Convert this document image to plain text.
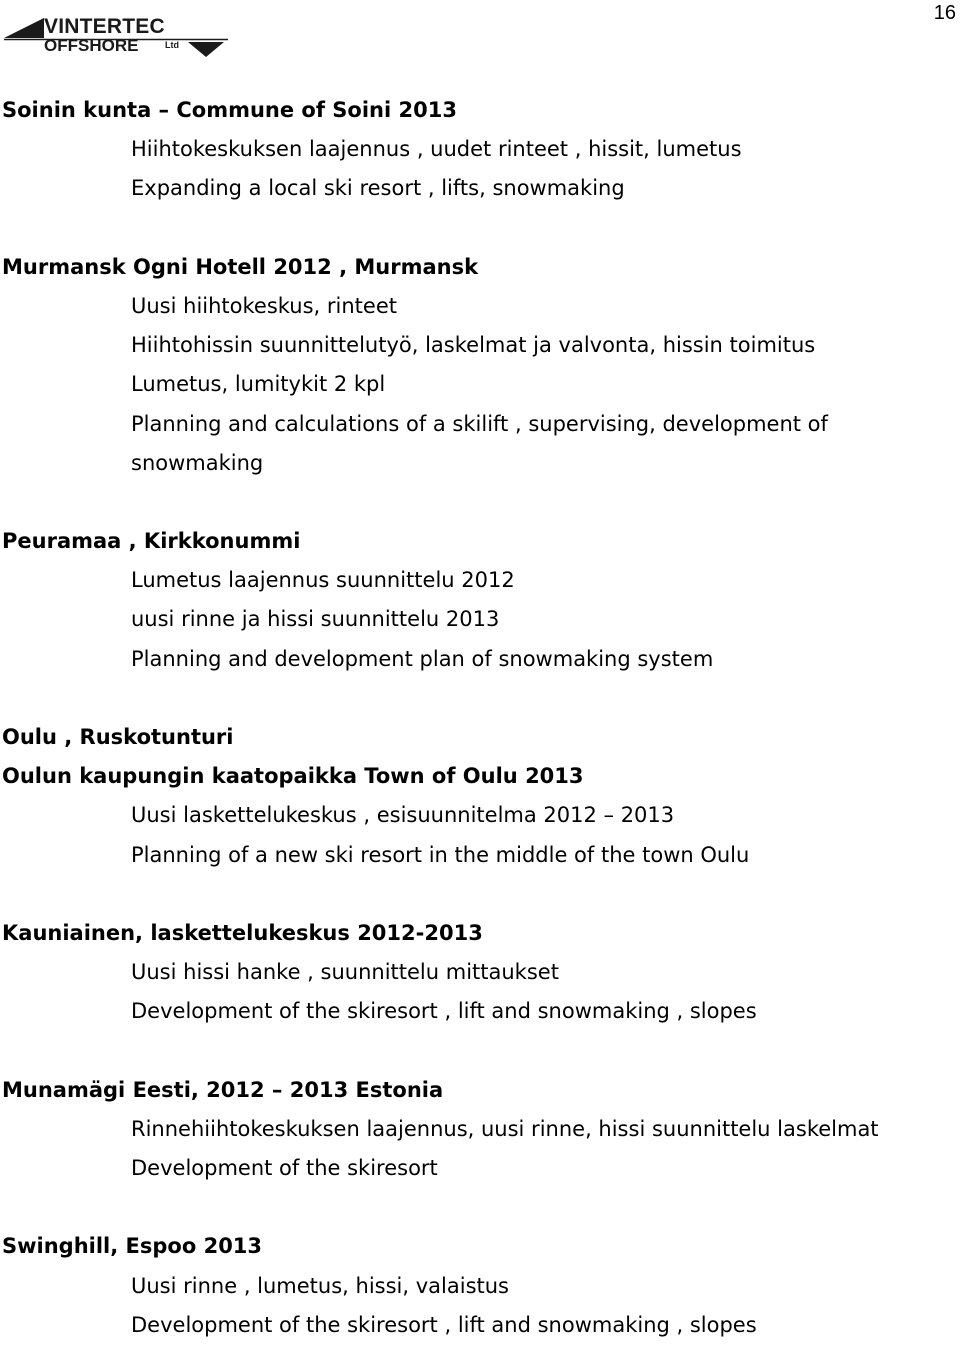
16
VINTERTEC
OFFSHORE	Ltd
Soinin kunta – Commune of Soini 2013
Hiihtokeskuksen laajennus , uudet rinteet , hissit, lumetus
Expanding a local ski resort , lifts, snowmaking
Murmansk Ogni Hotell 2012 , Murmansk
Uusi hiihtokeskus, rinteet
Hiihtohissin suunnittelutyö, laskelmat ja valvonta, hissin toimitus
Lumetus, lumitykit 2 kpl
Planning and calculations of a skilift , supervising, development of
snowmaking
Peuramaa , Kirkkonummi
Lumetus laajennus suunnittelu 2012
uusi rinne ja hissi suunnittelu 2013
Planning and development plan of snowmaking system
Oulu , Ruskotunturi
Oulun kaupungin kaatopaikka Town of Oulu 2013
Uusi laskettelukeskus , esisuunnitelma 2012 – 2013
Planning of a new ski resort in the middle of the town Oulu
Kauniainen, laskettelukeskus 2012-2013
Uusi hissi hanke , suunnittelu mittaukset
Development of the skiresort , lift and snowmaking , slopes
Munamägi Eesti, 2012 – 2013 Estonia
Rinnehiihtokeskuksen laajennus, uusi rinne, hissi suunnittelu laskelmat
Development of the skiresort
Swinghill, Espoo 2013
Uusi rinne , lumetus, hissi, valaistus
Development of the skiresort , lift and snowmaking , slopes
